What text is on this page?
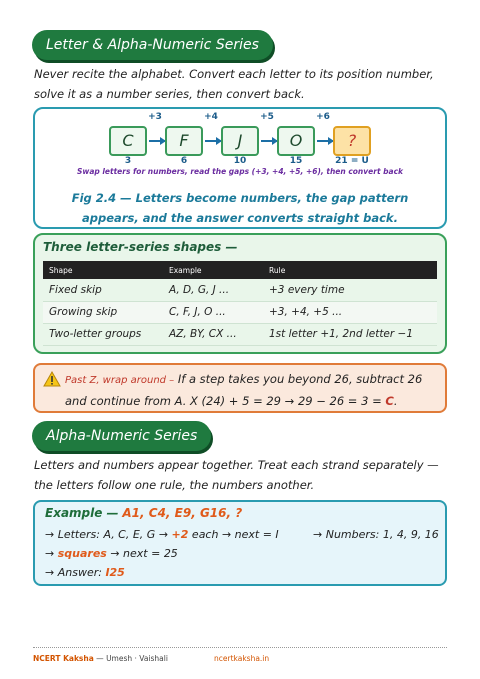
Letter & Alpha-Numeric Series
Never recite the alphabet. Convert each letter to its position number, solve it as a number series, then convert back.
+3	+4	+5	+6
C	F	J	O	?
3	6	10	15	21 = U
Swap letters for numbers, read the gaps (+3, +4, +5, +6), then convert back
Fig 2.4 — Letters become numbers, the gap pattern appears, and the answer converts straight back.
Three letter-series shapes —
Shape	Example	Rule
Fixed skip	A, D, G, J ...	+3 every time
Growing skip	C, F, J, O ...	+3, +4, +5 ...
Two-letter groups	AZ, BY, CX ...	1st letter +1, 2nd letter −1
Past Z, wrap around – If a step takes you beyond 26, subtract 26 and continue from A. X (24) + 5 = 29 → 29 − 26 = 3 = C.
Alpha-Numeric Series
Letters and numbers appear together. Treat each strand separately — the letters follow one rule, the numbers another.
Example — A1, C4, E9, G16, ?
→ Letters: A, C, E, G → +2 each → next = I	→ Numbers: 1, 4, 9, 16
→ squares → next = 25
→ Answer: I25
NCERT Kaksha — Umesh · Vaishali	ncertkaksha.in
